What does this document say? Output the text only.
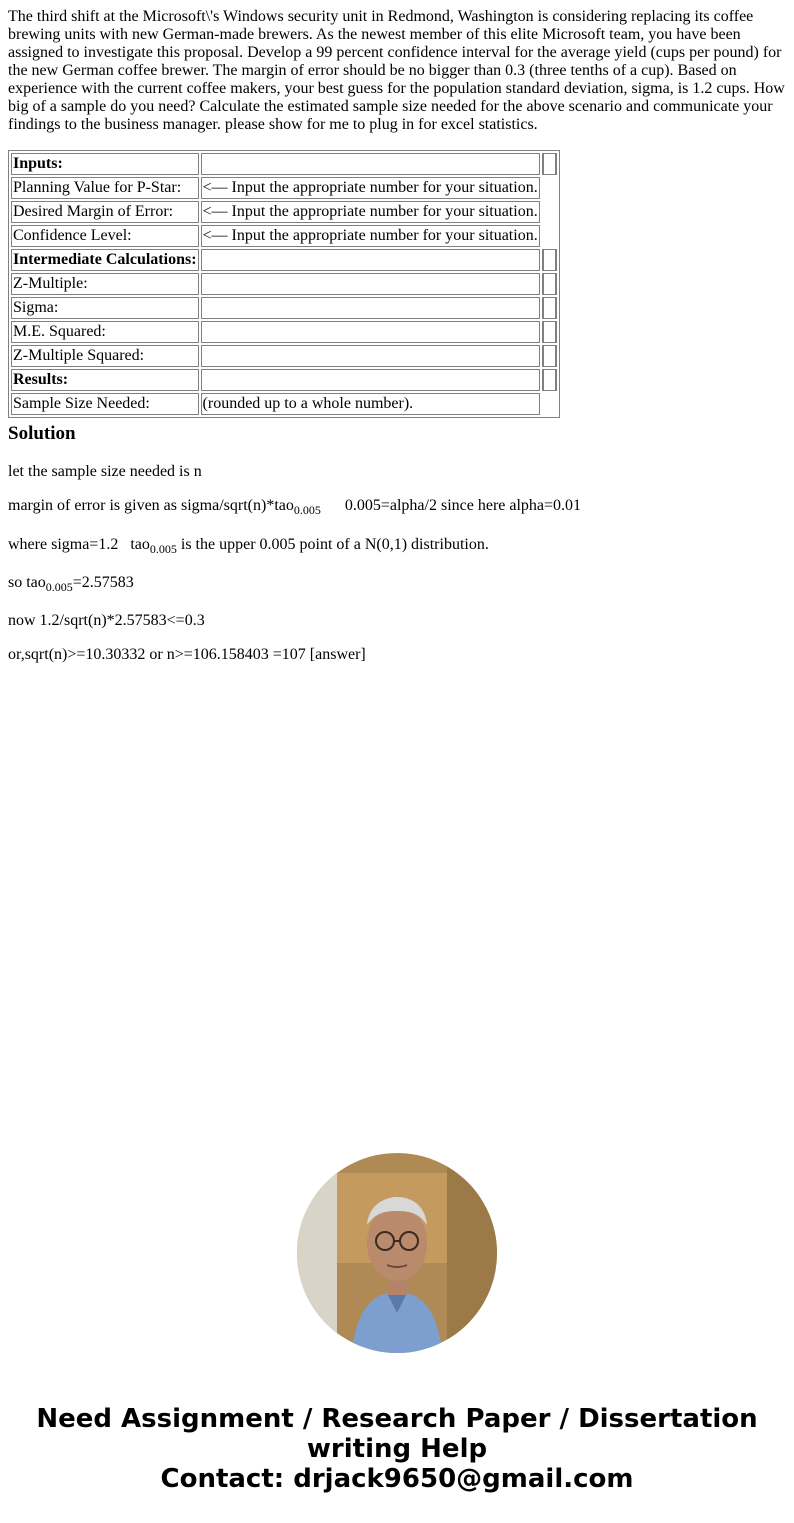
The third shift at the Microsoft\'s Windows security unit in Redmond, Washington is considering replacing its coffee brewing units with new German-made brewers. As the newest member of this elite Microsoft team, you have been assigned to investigate this proposal. Develop a 99 percent confidence interval for the average yield (cups per pound) for the new German coffee brewer. The margin of error should be no bigger than 0.3 (three tenths of a cup). Based on experience with the current coffee makers, your best guess for the population standard deviation, sigma, is 1.2 cups. How big of a sample do you need? Calculate the estimated sample size needed for the above scenario and communicate your findings to the business manager. please show for me to plug in for excel statistics.

Inputs:		
Planning Value for P-Star:	<— Input the appropriate number for your situation.	
Desired Margin of Error:	<— Input the appropriate number for your situation.	
Confidence Level:	<— Input the appropriate number for your situation.	
Intermediate Calculations:		
Z-Multiple:		
Sigma:		
M.E. Squared:		
Z-Multiple Squared:		
Results:		
Sample Size Needed:	(rounded up to a whole number).	
Solution

let the sample size needed is n

margin of error is given as sigma/sqrt(n)*tao$_{0.005}$ 0.005=alpha/2 since here alpha=0.01

where sigma=1.2 tao$_{0.005}$ is the upper 0.005 point of a N(0,1) distribution.

so tao$_{0.005}$=2.57583

now 1.2/sqrt(n)*2.57583<=0.3

or,sqrt(n)>=10.30332 or n>=106.158403 =107 [answer]

Need Assignment / Research Paper / Dissertation
writing Help
Contact: drjack9650@gmail.com
